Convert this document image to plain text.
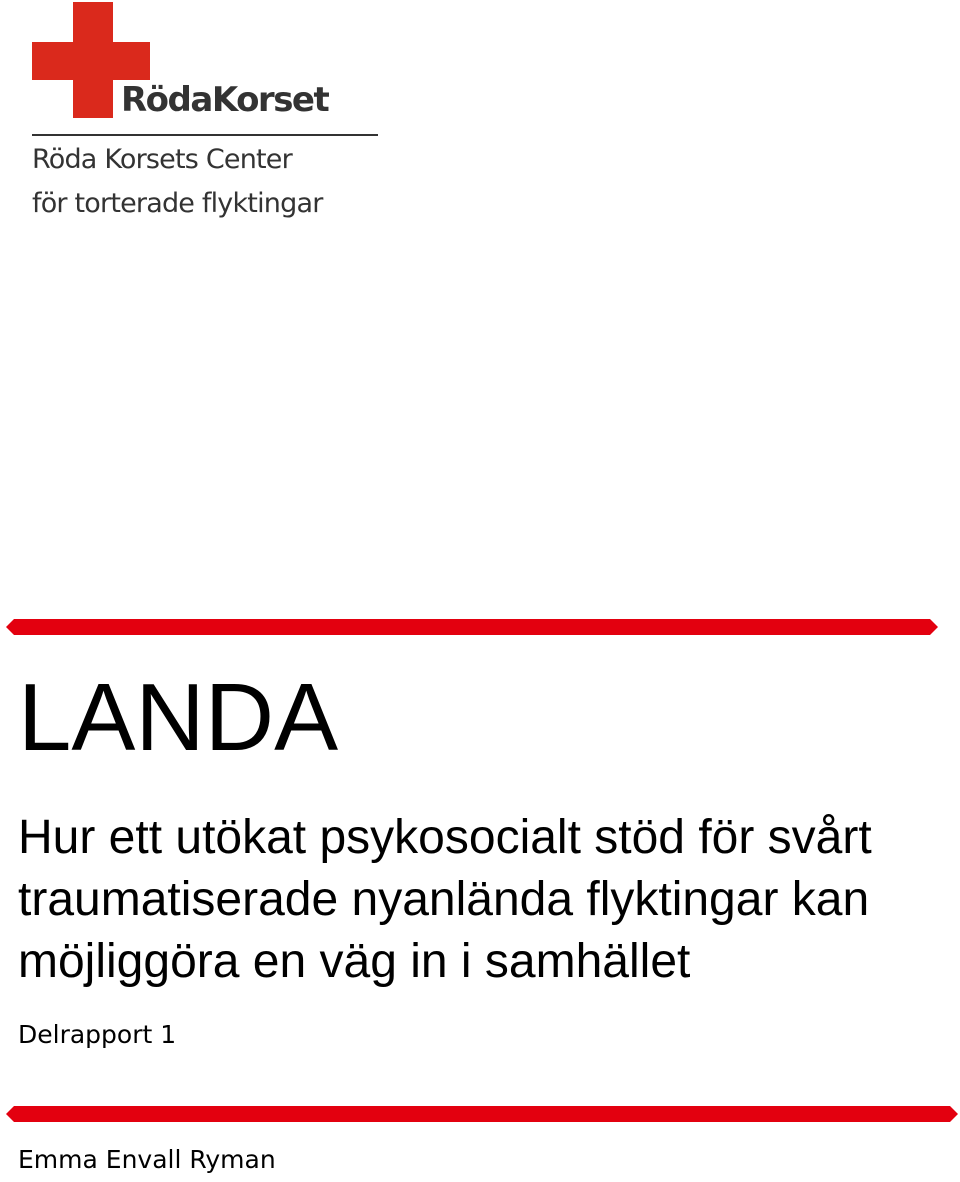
RödaKorset
Röda Korsets Center
för torterade flyktingar
LANDA

Hur ett utökat psykosocialt stöd för svårt traumatiserade nyanlända flyktingar kan möjliggöra en väg in i samhället

Delrapport 1
Emma Envall Ryman
